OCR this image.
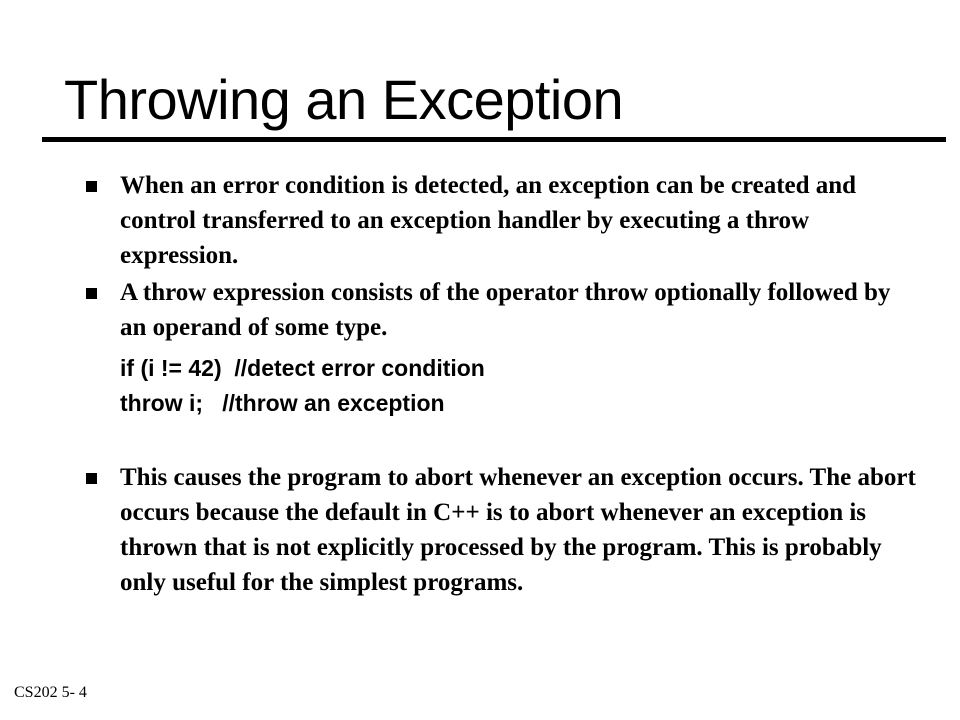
Throwing an Exception

When an error condition is detected, an exception can be created and control transferred to an exception handler by executing a throw expression.

A throw expression consists of the operator throw optionally followed by an operand of some type.

if (i != 42)  //detect error condition
throw i;   //throw an exception

This causes the program to abort whenever an exception occurs. The abort occurs because the default in C++ is to abort whenever an exception is thrown that is not explicitly processed by the program. This is probably only useful for the simplest programs.

CS202 5- 4
